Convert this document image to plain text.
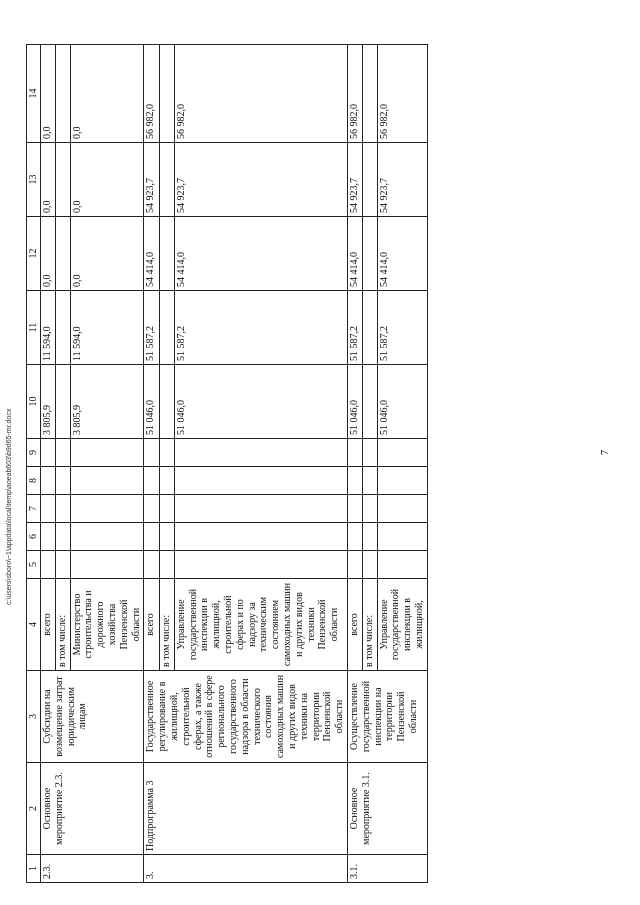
7
c:\users\sboro\~1\appdata\local\temp\aoeab603\b9d65-mr.docx
1	2	3	4	5	6	7	8	9	10	11	12	13	14
2.3.	Основное мероприятие 2.3.	Субсидии на возмещение затрат юридическим лицам	всего						3 805,9	11 594,0	0,0	0,0	0,0
			в том числе:										
			Министерство строительства и дорожного хозяйства Пензенской области						3 805,9	11 594,0	0,0	0,0	0,0
3.	Подпрограмма 3	Государственное регулирование в жилищной, строительной сферах, а также отношений в сфере регионального государственного надзора в области технического состояния самоходных машин и других видов техники на территории Пензенской области	всего						51 046,0	51 587,2	54 414,0	54 923,7	56 982,0
			в том числе:										
			Управление государственной инспекции в жилищной, строительной сферах и по надзору за техническим состоянием самоходных машин и других видов техники Пензенской области						51 046,0	51 587,2	54 414,0	54 923,7	56 982,0
3.1.	Основное мероприятие 3.1.	Осуществление государственной инспекции на территории Пензенской области	всего						51 046,0	51 587,2	54 414,0	54 923,7	56 982,0
			в том числе:										
			Управление государственной инспекции в жилищной,						51 046,0	51 587,2	54 414,0	54 923,7	56 982,0
